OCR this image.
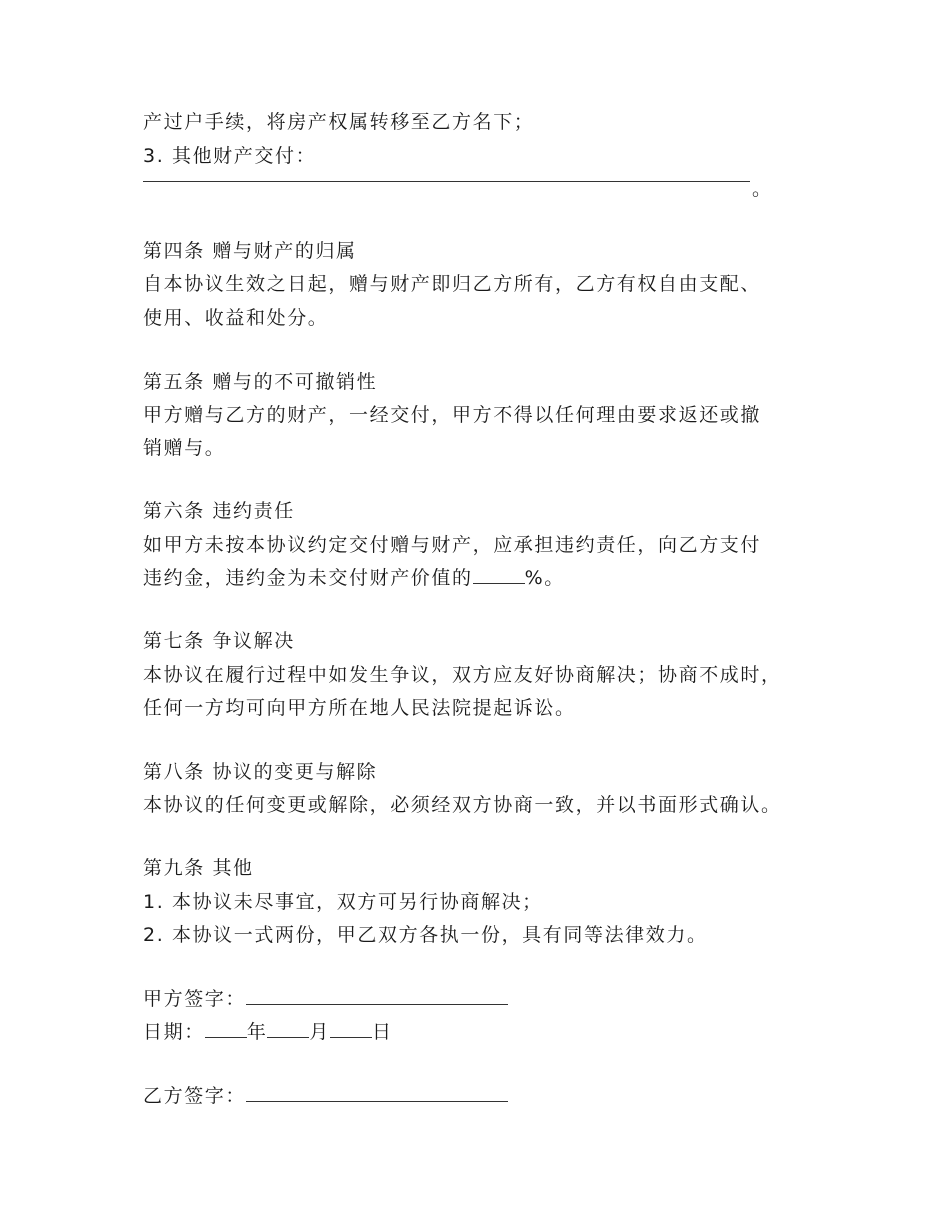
产过户手续，将房产权属转移至乙方名下；
3. 其他财产交付：
。
第四条 赠与财产的归属
自本协议生效之日起，赠与财产即归乙方所有，乙方有权自由支配、
使用、收益和处分。
第五条 赠与的不可撤销性
甲方赠与乙方的财产，一经交付，甲方不得以任何理由要求返还或撤
销赠与。
第六条 违约责任
如甲方未按本协议约定交付赠与财产，应承担违约责任，向乙方支付
违约金，违约金为未交付财产价值的	%。
第七条 争议解决
本协议在履行过程中如发生争议，双方应友好协商解决；协商不成时，
任何一方均可向甲方所在地人民法院提起诉讼。
第八条 协议的变更与解除
本协议的任何变更或解除，必须经双方协商一致，并以书面形式确认。
第九条 其他
1. 本协议未尽事宜，双方可另行协商解决；
2. 本协议一式两份，甲乙双方各执一份，具有同等法律效力。
甲方签字：
日期： 年 月 日
乙方签字：
